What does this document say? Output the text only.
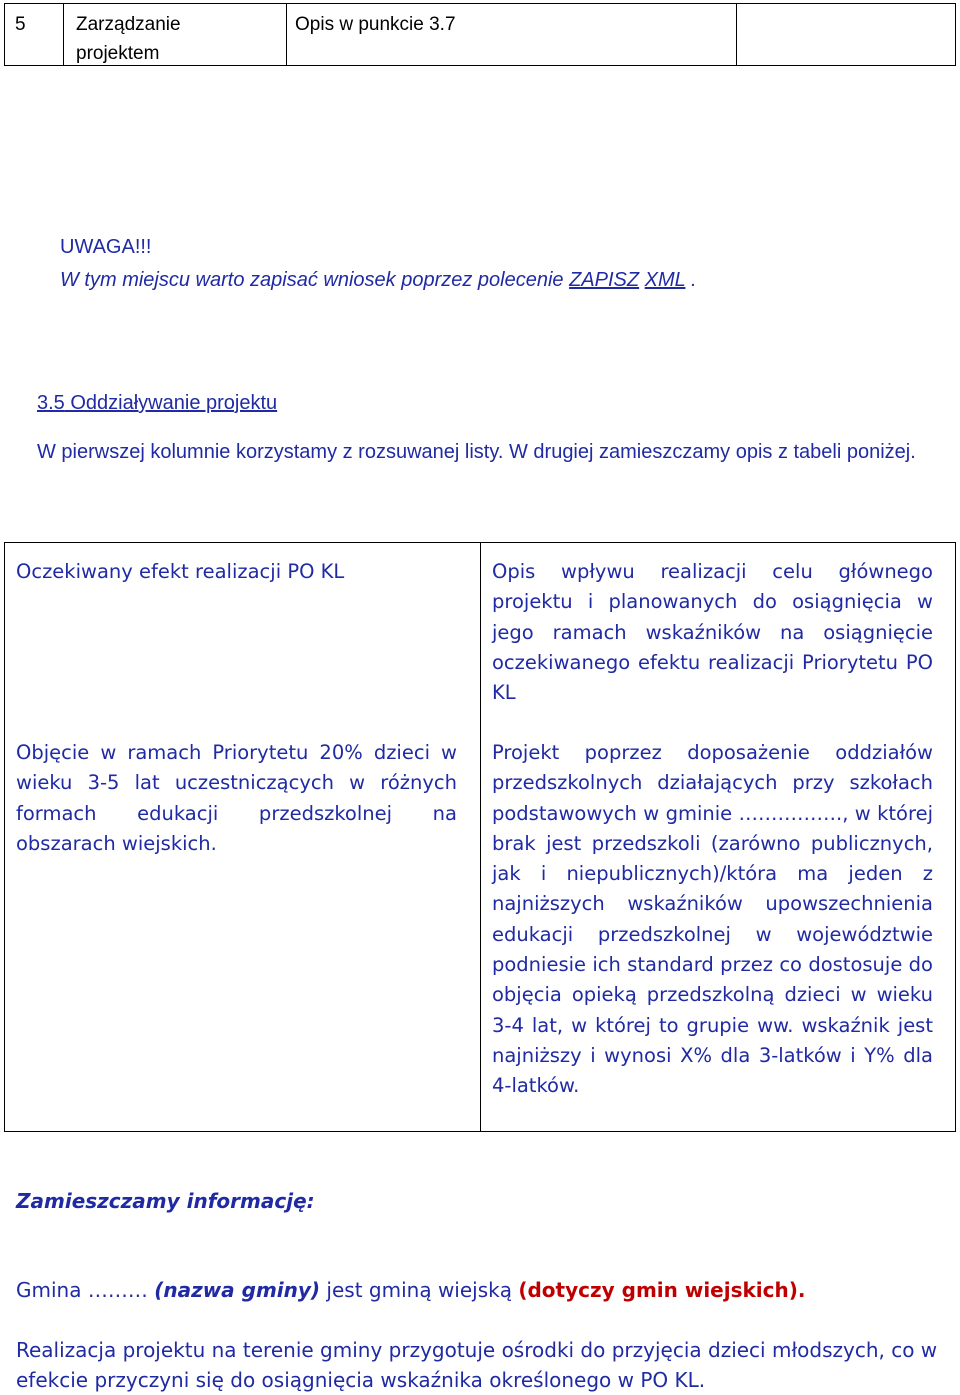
5	Zarządzanie
projektem
Opis w punkcie 3.7
UWAGA!!!
W tym miejscu warto zapisać wniosek poprzez polecenie ZAPISZ XML .
3.5 Oddziaływanie projektu
W pierwszej kolumnie korzystamy z rozsuwanej listy. W drugiej zamieszczamy opis z tabeli poniżej.
Oczekiwany efekt realizacji PO KL	Opis wpływu realizacji celu głównego projektu i planowanych do osiągnięcia w jego ramach wskaźników na osiągnięcie oczekiwanego efektu realizacji Priorytetu PO KL
Objęcie w ramach Priorytetu 20% dzieci w wieku 3-5 lat uczestniczących w różnych formach edukacji przedszkolnej na obszarach wiejskich.
Projekt poprzez doposażenie oddziałów przedszkolnych działających przy szkołach podstawowych w gminie ……………., w której brak jest przedszkoli (zarówno publicznych, jak i niepublicznych)/która ma jeden z najniższych wskaźników upowszechnienia edukacji przedszkolnej w województwie podniesie ich standard przez co dostosuje do objęcia opieką przedszkolną dzieci w wieku 3-4 lat, w której to grupie ww. wskaźnik jest najniższy i wynosi X% dla 3-latków i Y% dla 4-latków.
Zamieszczamy informację:
Gmina ……… (nazwa gminy) jest gminą wiejską (dotyczy gmin wiejskich).
Realizacja projektu na terenie gminy przygotuje ośrodki do przyjęcia dzieci młodszych, co w efekcie przyczyni się do osiągnięcia wskaźnika określonego w PO KL.
